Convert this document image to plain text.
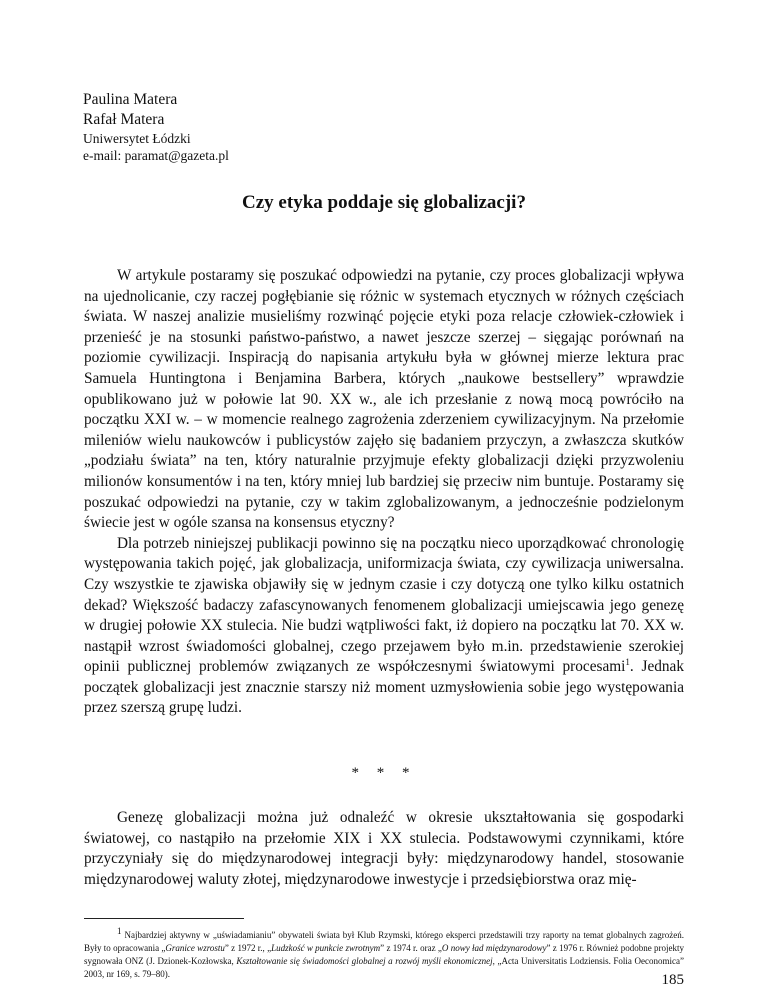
Paulina Matera
Rafał Matera
Uniwersytet Łódzki
e-mail: paramat@gazeta.pl
Czy etyka poddaje się globalizacji?

W artykule postaramy się poszukać odpowiedzi na pytanie, czy proces globalizacji wpływa na ujednolicanie, czy raczej pogłębianie się różnic w systemach etycznych w różnych częściach świata. W naszej analizie musieliśmy rozwinąć pojęcie etyki poza relacje człowiek-człowiek i przenieść je na stosunki państwo-państwo, a nawet jeszcze szerzej – sięgając porównań na poziomie cywilizacji. Inspiracją do napisania artykułu była w głównej mierze lektura prac Samuela Huntingtona i Benjamina Barbera, których „naukowe bestsellery” wprawdzie opublikowano już w połowie lat 90. XX w., ale ich przesłanie z nową mocą powróciło na początku XXI w. – w momencie realnego zagrożenia zderzeniem cywilizacyjnym. Na przełomie mileniów wielu naukowców i publicystów zajęło się badaniem przyczyn, a zwłaszcza skutków „podziału świata” na ten, który naturalnie przyjmuje efekty globalizacji dzięki przyzwoleniu milionów konsumentów i na ten, który mniej lub bardziej się przeciw nim buntuje. Postaramy się poszukać odpowiedzi na pytanie, czy w takim zglobalizowanym, a jednocześnie podzielonym świecie jest w ogóle szansa na konsensus etyczny?

Dla potrzeb niniejszej publikacji powinno się na początku nieco uporządkować chronologię występowania takich pojęć, jak globalizacja, uniformizacja świata, czy cywilizacja uniwersalna. Czy wszystkie te zjawiska objawiły się w jednym czasie i czy dotyczą one tylko kilku ostatnich dekad? Większość badaczy zafascynowanych fenomenem globalizacji umiejscawia jego genezę w drugiej połowie XX stulecia. Nie budzi wątpliwości fakt, iż dopiero na początku lat 70. XX w. nastąpił wzrost świadomości globalnej, czego przejawem było m.in. przedstawienie szerokiej opinii publicznej problemów związanych ze współczesnymi światowymi procesami$^1$. Jednak początek globalizacji jest znacznie starszy niż moment uzmysłowienia sobie jego występowania przez szerszą grupę ludzi.

* * *

Genezę globalizacji można już odnaleźć w okresie ukształtowania się gospodarki światowej, co nastąpiło na przełomie XIX i XX stulecia. Podstawowymi czynnikami, które przyczyniały się do międzynarodowej integracji były: międzynarodowy handel, stosowanie międzynarodowej waluty złotej, międzynarodowe inwestycje i przedsiębiorstwa oraz mię-

$^1$ Najbardziej aktywny w „uświadamianiu” obywateli świata był Klub Rzymski, którego eksperci przedstawili trzy raporty na temat globalnych zagrożeń. Były to opracowania „Granice wzrostu” z 1972 r., „Ludzkość w punkcie zwrotnym” z 1974 r. oraz „O nowy ład międzynarodowy” z 1976 r. Również podobne projekty sygnowała ONZ (J. Dzionek-Kozłowska, Kształtowanie się świadomości globalnej a rozwój myśli ekonomicznej, „Acta Universitatis Lodziensis. Folia Oeconomica” 2003, nr 169, s. 79–80).	185
